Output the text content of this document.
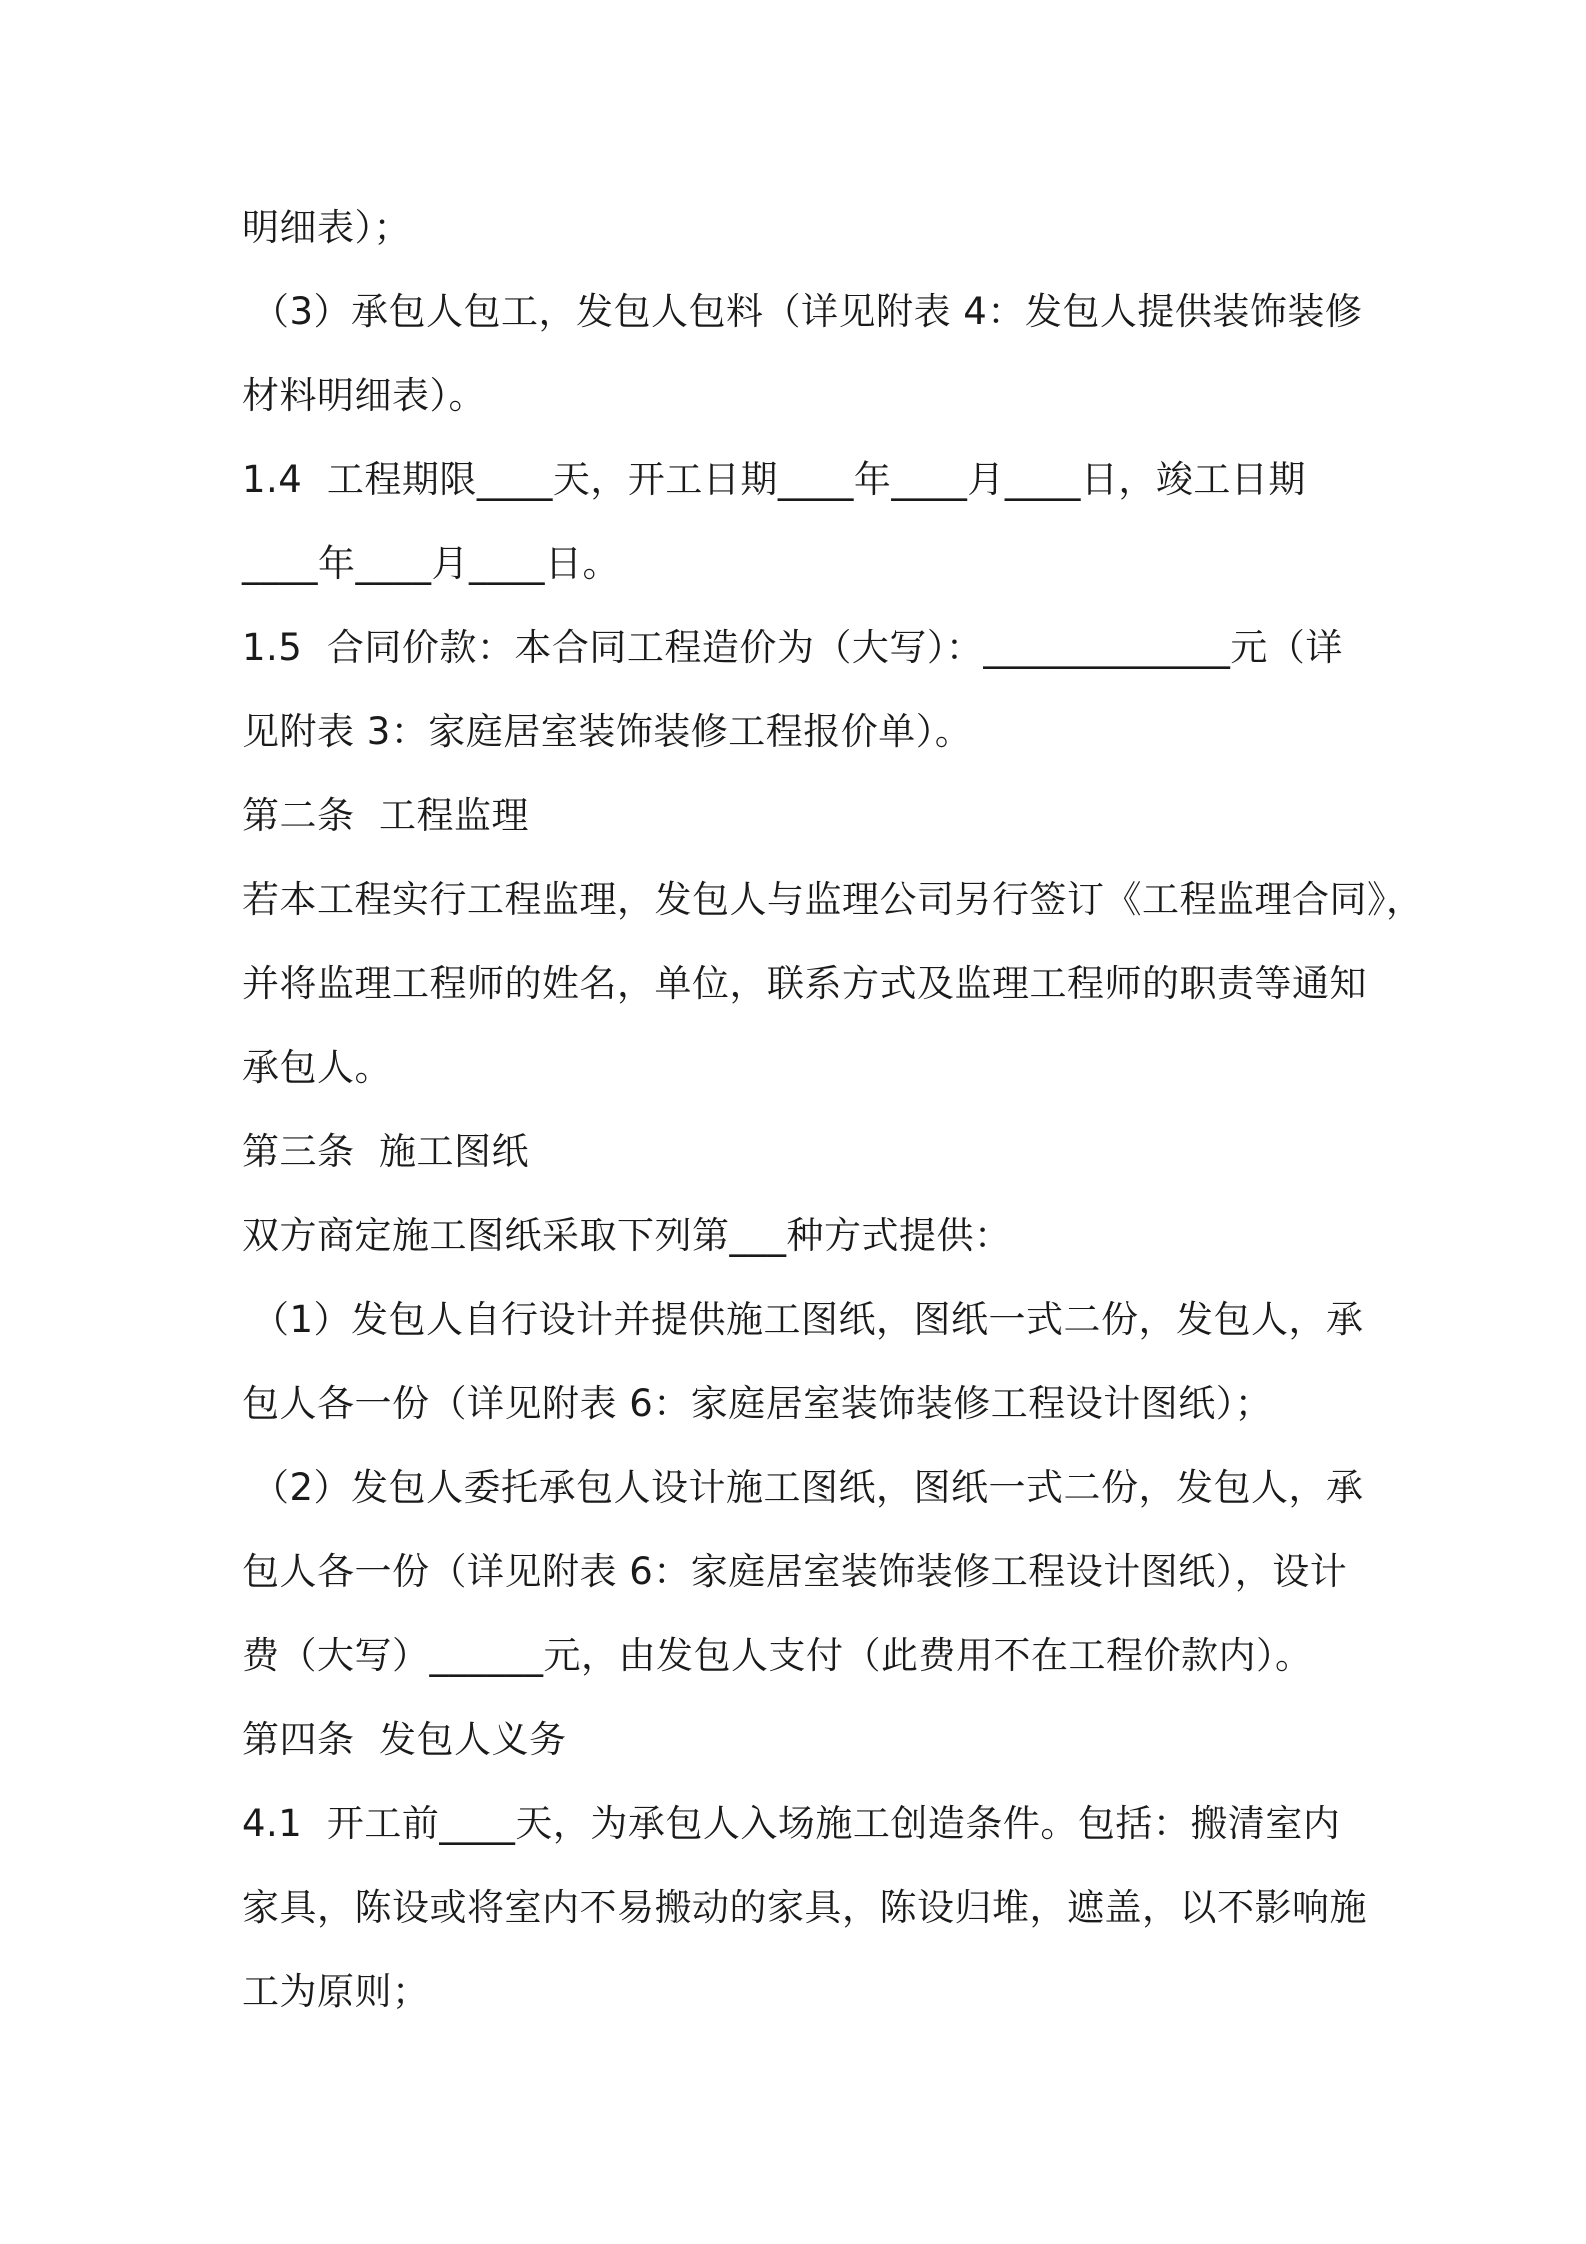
明细表）；
（3）承包人包工，发包人包料（详见附表 4：发包人提供装饰装修
材料明细表）。
1.4  工程期限____天，开工日期____年____月____日，竣工日期
____年____月____日。
1.5  合同价款：本合同工程造价为（大写）：_____________元（详
见附表 3：家庭居室装饰装修工程报价单）。
第二条  工程监理
若本工程实行工程监理，发包人与监理公司另行签订《工程监理合同》，
并将监理工程师的姓名，单位，联系方式及监理工程师的职责等通知
承包人。
第三条  施工图纸
双方商定施工图纸采取下列第___种方式提供：
（1）发包人自行设计并提供施工图纸，图纸一式二份，发包人，承
包人各一份（详见附表 6：家庭居室装饰装修工程设计图纸）；
（2）发包人委托承包人设计施工图纸，图纸一式二份，发包人，承
包人各一份（详见附表 6：家庭居室装饰装修工程设计图纸），设计
费（大写）______元，由发包人支付（此费用不在工程价款内）。
第四条  发包人义务
4.1  开工前____天，为承包人入场施工创造条件。包括：搬清室内
家具，陈设或将室内不易搬动的家具，陈设归堆，遮盖，以不影响施
工为原则；
